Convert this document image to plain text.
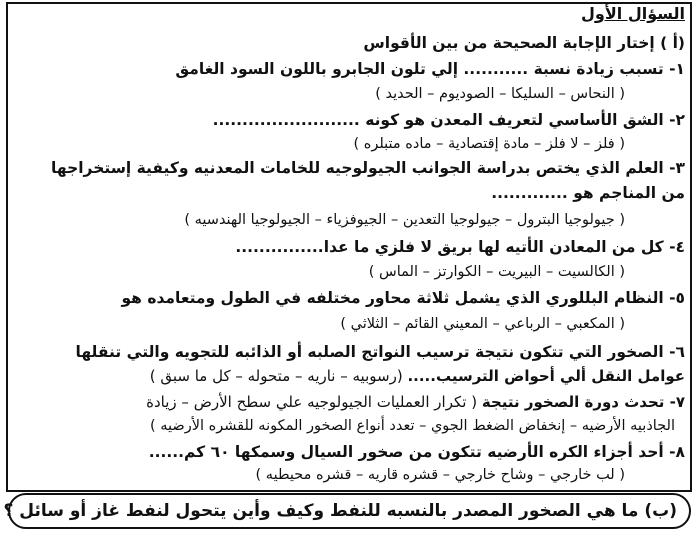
السؤال الأول
(أ ) إختار الإجابة الصحيحة من بين الأقواس
١- تسبب زيادة نسبة ........... إلي تلون الجابرو باللون السود الغامق
( النحاس – السليكا – الصوديوم – الحديد )
٢- الشق الأساسي لتعريف المعدن هو كونه .........................
( فلز – لا فلز – مادة إقتصادية – ماده متبلره )
٣- العلم الذي يختص بدراسة الجوانب الجيولوجيه للخامات المعدنيه وكيفية إستخراجها
من المناجم هو .............
( جيولوجيا البترول – جيولوجيا التعدين – الجيوفزياء – الجيولوجيا الهندسيه )
٤- كل من المعادن الأتيه لها بريق لا فلزي ما عدا...............
( الكالسيت – البيريت – الكوارتز – الماس )
٥- النظام البللوري الذي يشمل ثلاثة محاور مختلفه في الطول ومتعامده هو
( المكعبي – الرباعي – المعيني القائم – الثلاثي )
٦- الصخور التي تتكون نتيجة ترسيب النواتج الصلبه أو الذائبه للتجويه والتي تنقلها
عوامل النقل ألي أحواض الترسيب..... (رسوبيه – ناريه – متحوله – كل ما سبق )
٧- تحدث دورة الصخور نتيجة ( تكرار العمليات الجيولوجيه علي سطح الأرض – زيادة
الجاذبيه الأرضيه – إنخفاض الضغط الجوي – تعدد أنواع الصخور المكونه للقشره الأرضيه )
٨- أحد أجزاء الكره الأرضيه تتكون من صخور السيال وسمكها ٦٠ كم......
( لب خارجي – وشاح خارجي – قشره قاريه – قشره محيطيه )
(ب) ما هي الصخور المصدر بالنسبه للنفط وكيف وأين يتحول لنفط غاز أو سائل ؟
